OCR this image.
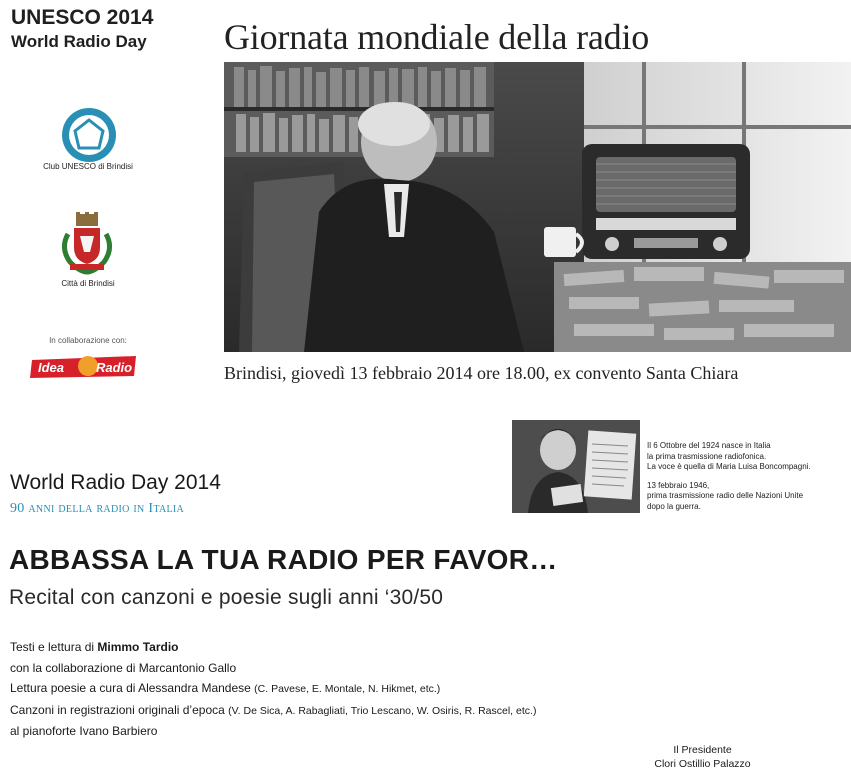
UNESCO 2014
World Radio Day Giornata mondiale della radio
Brindisi, giovedì 13 febbraio 2014 ore 18.00, ex convento Santa Chiara
Club UNESCO di Brindisi
Città di Brindisi
In collaborazione con:
Idea Radio
Il 6 Ottobre del 1924 nasce in Italia
la prima trasmissione radiofonica.
La voce è quella di Maria Luisa Boncompagni.
13 febbraio 1946,
prima trasmissione radio delle Nazioni Unite
dopo la guerra.
World Radio Day 2014
90 anni della radio in Italia
ABBASSA LA TUA RADIO PER FAVOR…
Recital con canzoni e poesie sugli anni ‘30/50
Testi e lettura di Mimmo Tardio
con la collaborazione di Marcantonio Gallo
Lettura poesie a cura di Alessandra Mandese (C. Pavese, E. Montale, N. Hikmet, etc.)
Canzoni in registrazioni originali d’epoca (V. De Sica, A. Rabagliati, Trio Lescano, W. Osiris, R. Rascel, etc.)
al pianoforte Ivano Barbiero
Il Presidente
Clori Ostillio Palazzo
